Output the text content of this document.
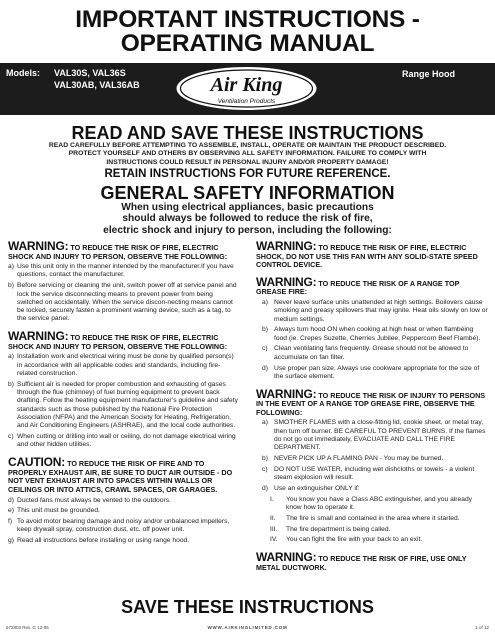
IMPORTANT INSTRUCTIONS -
OPERATING MANUAL
Models:	VAL30S, VAL36S
VAL30AB, VAL36AB	Air King
Ventilation Products
Range Hood
READ AND SAVE THESE INSTRUCTIONS
READ CAREFULLY BEFORE ATTEMPTING TO ASSEMBLE, INSTALL, OPERATE OR MAINTAIN THE PRODUCT DESCRIBED.
PROTECT YOURSELF AND OTHERS BY OBSERVING ALL SAFETY INFORMATION. FAILURE TO COMPLY WITH
INSTRUCTIONS COULD RESULT IN PERSONAL INJURY AND/OR PROPERTY DAMAGE!
RETAIN INSTRUCTIONS FOR FUTURE REFERENCE.
GENERAL SAFETY INFORMATION
When using electrical appliances, basic precautions
should always be followed to reduce the risk of fire,
electric shock and injury to person, including the following:
WARNING: TO REDUCE THE RISK OF FIRE, ELECTRIC SHOCK AND INJURY TO PERSON, OBSERVE THE FOLLOWING:
a) Use this unit only in the manner intended by the manufacturer.If you have questions, contact the manufacturer.
b) Before servicing or cleaning the unit, switch power off at service panel and lock the service disconnecting means to prevent power from being switched on accidentally. When the service discon-necting means cannot be locked, securely fasten a prominent warning device, such as a tag, to the service panel.
WARNING: TO REDUCE THE RISK OF FIRE, ELECTRIC SHOCK AND INJURY TO PERSON, OBSERVE THE FOLLOWING:
a) Installation work and electrical wiring must be done by qualified person(s) in accordance with all applicable codes and standards, including fire-related construction.
b) Sufficient air is needed for proper combustion and exhausting of gases through the flue (chimney) of fuel burning equipment to prevent back drafting. Follow the heating equipment manufacturer’s guideline and safety standards such as those published by the National Fire Protection Association (NFPA) and the American Society for Heating, Refrigeration, and Air Conditioning Engineers (ASHRAE), and the local code authorities.
c) When cutting or drilling into wall or ceiling, do not damage electrical wiring and other hidden utilities.
CAUTION: TO REDUCE THE RISK OF FIRE AND TO PROPERLY EXHAUST AIR, BE SURE TO DUCT AIR OUTSIDE - DO NOT VENT EXHAUST AIR INTO SPACES WITHIN WALLS OR CEILINGS OR INTO ATTICS, CRAWL SPACES, OR GARAGES.
d) Ducted fans must always be vented to the outdoors.
e) This unit must be grounded.
f) To avoid motor bearing damage and noisy and/or unbalanced impellers, keep drywall spray, construction dust, etc. off power unit.
g) Read all instructions before installing or using range hood.
WARNING: TO REDUCE THE RISK OF FIRE, ELECTRIC SHOCK, DO NOT USE THIS FAN WITH ANY SOLID-STATE SPEED CONTROL DEVICE.
WARNING: TO REDUCE THE RISK OF A RANGE TOP GREASE FIRE:
a) Never leave surface units unattended at high settings. Boilovers cause smoking and greasy spillovers that may ignite. Heat oils slowly on low or medium settings.
b) Always turn hood ON when cooking at high heat or when flambéing food (ie. Crepes Suzette, Cherries Jubilee, Peppercorn Beef Flambé).
c) Clean ventilating fans frequently. Grease should not be allowed to accumulate on fan filter.
d) Use proper pan size. Always use cookware appropriate for the size of the surface element.
WARNING: TO REDUCE THE RISK OF INJURY TO PERSONS IN THE EVENT OF A RANGE TOP GREASE FIRE, OBSERVE THE FOLLOWING:
a) SMOTHER FLAMES with a close-fitting lid, cookie sheet, or metal tray, then turn off burner. BE CAREFUL TO PREVENT BURNS. If the flames do not go out immediately, EVACUATE AND CALL THE FIRE DEPARTMENT.
b) NEVER PICK UP A FLAMING PAN - You may be burned.
c) DO NOT USE WATER, including wet dishcloths or towels - a violent steam explosion will result.
d) Use an extinguisher ONLY if:
I. You know you have a Class ABC extinguisher, and you already know how to operate it.
II. The fire is small and contained in the area where it started.
III. The fire department is being called.
IV. You can fight the fire with your back to an exit.
WARNING: TO REDUCE THE RISK OF FIRE, USE ONLY METAL DUCTWORK.
SAVE THESE INSTRUCTIONS
572803 Rev. G 12-05	WWW.AIRKINGLIMITED.COM	1 of 12
